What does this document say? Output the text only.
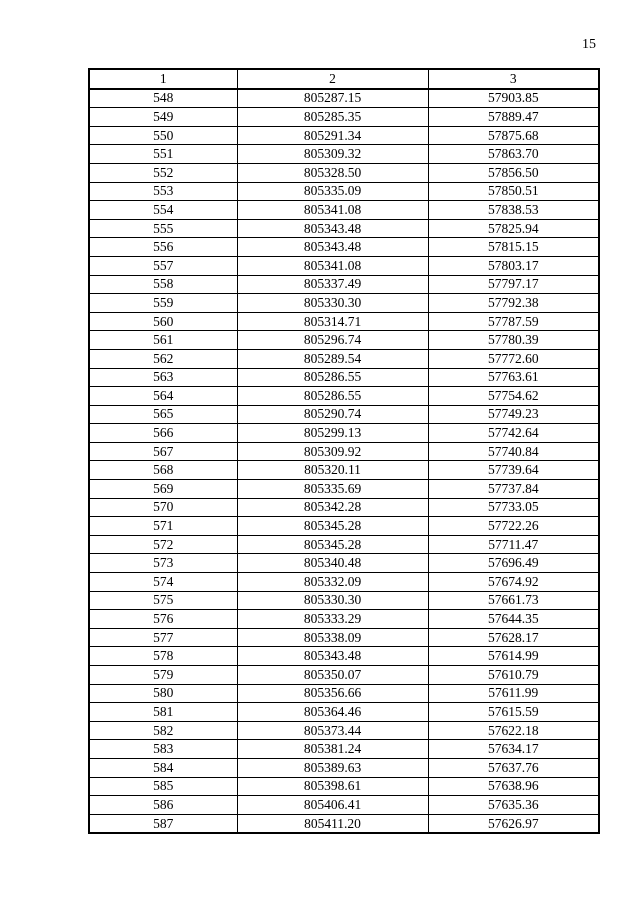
15
1	2	3
548	805287.15	57903.85
549	805285.35	57889.47
550	805291.34	57875.68
551	805309.32	57863.70
552	805328.50	57856.50
553	805335.09	57850.51
554	805341.08	57838.53
555	805343.48	57825.94
556	805343.48	57815.15
557	805341.08	57803.17
558	805337.49	57797.17
559	805330.30	57792.38
560	805314.71	57787.59
561	805296.74	57780.39
562	805289.54	57772.60
563	805286.55	57763.61
564	805286.55	57754.62
565	805290.74	57749.23
566	805299.13	57742.64
567	805309.92	57740.84
568	805320.11	57739.64
569	805335.69	57737.84
570	805342.28	57733.05
571	805345.28	57722.26
572	805345.28	57711.47
573	805340.48	57696.49
574	805332.09	57674.92
575	805330.30	57661.73
576	805333.29	57644.35
577	805338.09	57628.17
578	805343.48	57614.99
579	805350.07	57610.79
580	805356.66	57611.99
581	805364.46	57615.59
582	805373.44	57622.18
583	805381.24	57634.17
584	805389.63	57637.76
585	805398.61	57638.96
586	805406.41	57635.36
587	805411.20	57626.97
